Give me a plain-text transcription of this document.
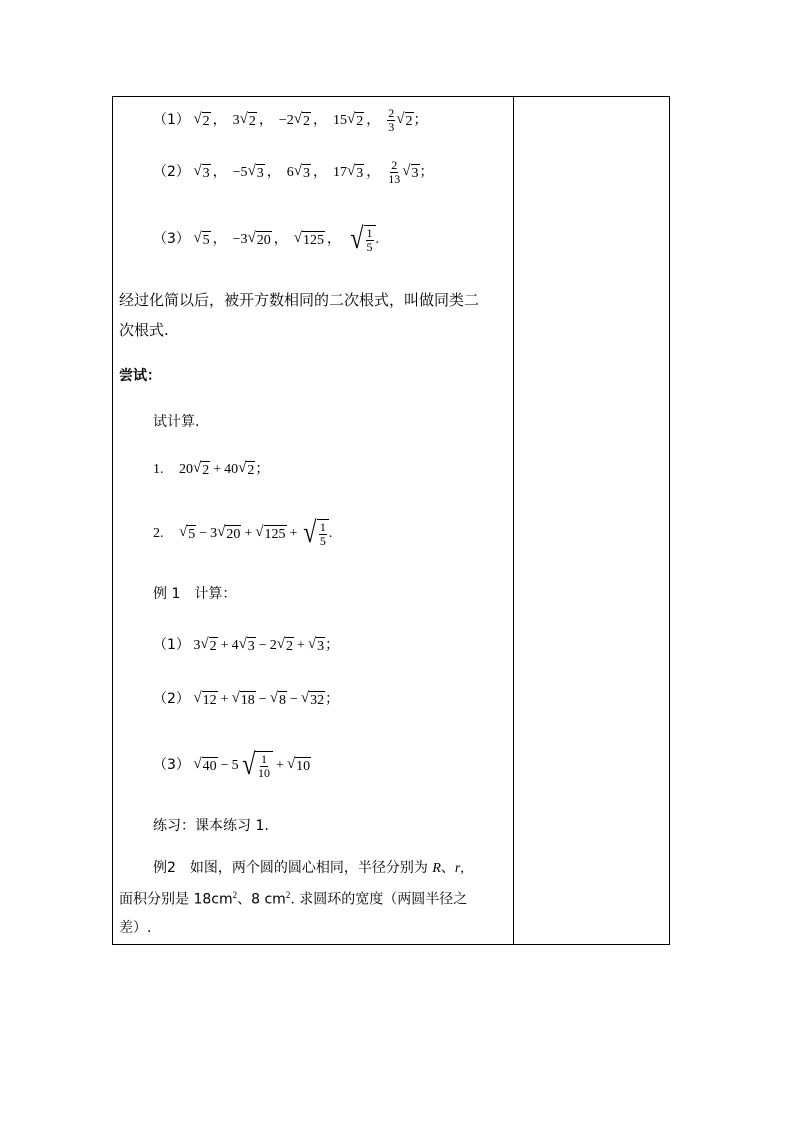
（1） √ 2 ， 3 √ 2 ， −2 √ 2 ， 15 √ 2 ， $\frac{2}{3}$ √ 2 ；
（2） √ 3 ， −5 √ 3 ， 6 √ 3 ， 17 √ 3 ， $\frac{2}{13}$ √ 3 ；
（3） √ 5 ， −3 √ 20 ， √ 125 ， √ $\frac{1}{5}$ .
经过化简以后，被开方数相同的二次根式，叫做同类二
次根式.
尝试：
试计算.
1. 20 √ 2 + 40 √ 2 ；
2. √ 5 − 3 √ 20 + √ 125 + √ $\frac{1}{5}$ .
例 1　计算：
（1） 3 √ 2 + 4 √ 3 − 2 √ 2 + √ 3 ；
（2） √ 12 + √ 18 − √ 8 − √ 32 ；
（3） √ 40 − 5 √ $\frac{1}{10}$ + √ 10
练习：课本练习 1.
例2　如图，两个圆的圆心相同，半径分别为 R、r,
面积分别是 $18cm^2$、8 $cm^2$. 求圆环的宽度（两圆半径之
差）.
